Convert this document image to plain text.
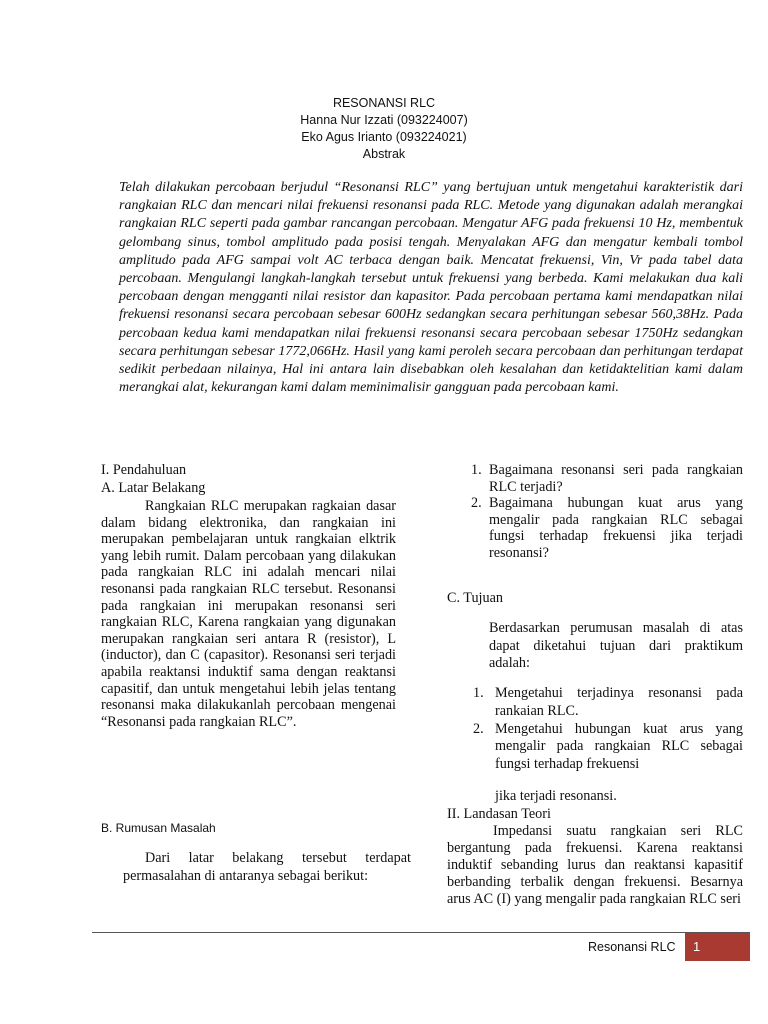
RESONANSI RLC
Hanna Nur Izzati (093224007)
Eko Agus Irianto (093224021)
Abstrak

Telah dilakukan percobaan berjudul “Resonansi RLC” yang bertujuan untuk mengetahui karakteristik dari rangkaian RLC dan mencari nilai frekuensi resonansi pada RLC. Metode yang digunakan adalah merangkai rangkaian RLC seperti pada gambar rancangan percobaan. Mengatur AFG pada frekuensi 10 Hz, membentuk gelombang sinus, tombol amplitudo pada posisi tengah. Menyalakan AFG dan mengatur kembali tombol amplitudo pada AFG sampai volt AC terbaca dengan baik. Mencatat frekuensi, Vin, Vr pada tabel data percobaan. Mengulangi langkah-langkah tersebut untuk frekuensi yang berbeda. Kami melakukan dua kali percobaan dengan mengganti nilai resistor dan kapasitor. Pada percobaan pertama kami mendapatkan nilai frekuensi resonansi secara percobaan sebesar 600Hz sedangkan secara perhitungan sebesar 560,38Hz. Pada percobaan kedua kami mendapatkan nilai frekuensi resonansi secara percobaan sebesar 1750Hz sedangkan secara perhitungan sebesar 1772,066Hz. Hasil yang kami peroleh secara percobaan dan perhitungan terdapat sedikit perbedaan nilainya, Hal ini antara lain disebabkan oleh kesalahan dan ketidaktelitian kami dalam merangkai alat, kekurangan kami dalam meminimalisir gangguan pada percobaan kami.

I. Pendahuluan
A. Latar Belakang

Rangkaian RLC merupakan ragkaian dasar dalam bidang elektronika, dan rangkaian ini merupakan pembelajaran untuk rangkaian elktrik yang lebih rumit. Dalam percobaan yang dilakukan pada rangkaian RLC ini adalah mencari nilai resonansi pada rangkaian RLC tersebut. Resonansi pada rangkaian ini merupakan resonansi seri rangkaian RLC, Karena rangkaian yang digunakan merupakan rangkaian seri antara R (resistor), L (inductor), dan C (capasitor). Resonansi seri terjadi apabila reaktansi induktif sama dengan reaktansi capasitif, dan untuk mengetahui lebih jelas tentang resonansi maka dilakukanlah percobaan mengenai “Resonansi pada rangkaian RLC”.

B. Rumusan Masalah

Dari latar belakang tersebut terdapat permasalahan di antaranya sebagai berikut:

1. Bagaimana resonansi seri pada rangkaian RLC terjadi?
2. Bagaimana hubungan kuat arus yang mengalir pada rangkaian RLC sebagai fungsi terhadap frekuensi jika terjadi resonansi?
C. Tujuan

Berdasarkan perumusan masalah di atas dapat diketahui tujuan dari praktikum adalah:

1. Mengetahui terjadinya resonansi pada rankaian RLC.
2. Mengetahui hubungan kuat arus yang mengalir pada rangkaian RLC sebagai fungsi terhadap frekuensi
jika terjadi resonansi.
II. Landasan Teori

Impedansi suatu rangkaian seri RLC bergantung pada frekuensi. Karena reaktansi induktif sebanding lurus dan reaktansi kapasitif berbanding terbalik dengan frekuensi. Besarnya arus AC (I) yang mengalir pada rangkaian RLC seri

Resonansi RLC	1
